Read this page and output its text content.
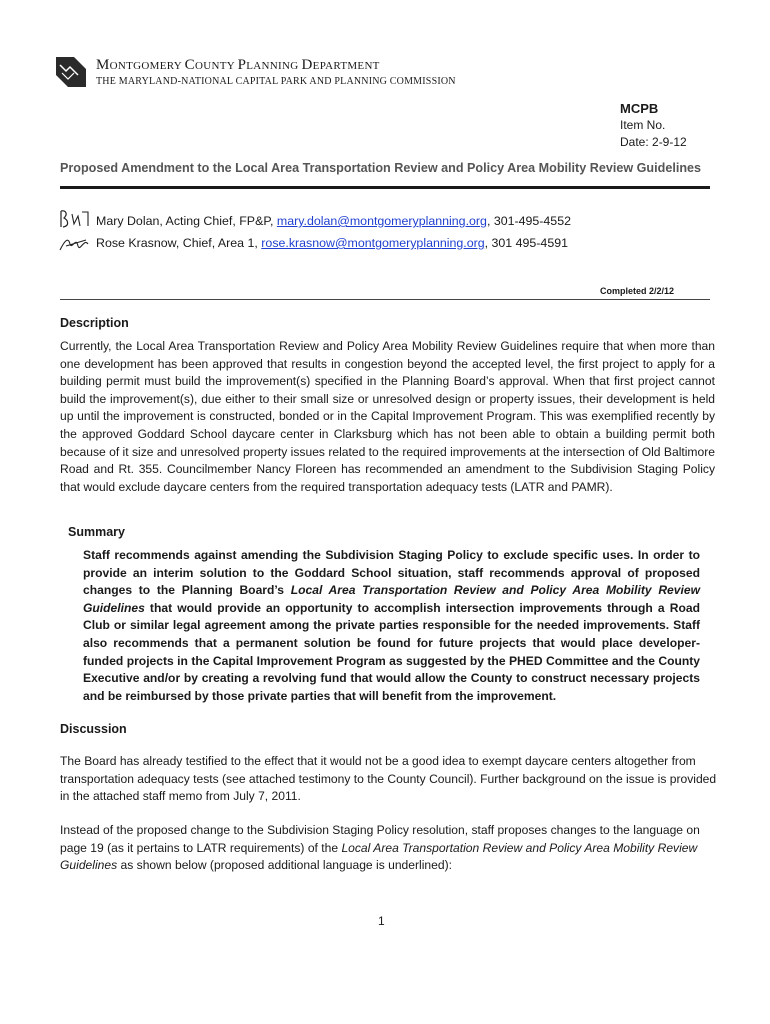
MONTGOMERY COUNTY PLANNING DEPARTMENT
THE MARYLAND-NATIONAL CAPITAL PARK AND PLANNING COMMISSION
MCPB
Item No.
Date: 2-9-12
Proposed Amendment to the Local Area Transportation Review and Policy Area Mobility Review Guidelines
Mary Dolan, Acting Chief, FP&P, mary.dolan@montgomeryplanning.org, 301-495-4552
Rose Krasnow, Chief, Area 1, rose.krasnow@montgomeryplanning.org, 301 495-4591
Completed 2/2/12
Description
Currently, the Local Area Transportation Review and Policy Area Mobility Review Guidelines require that when more than one development has been approved that results in congestion beyond the accepted level, the first project to apply for a building permit must build the improvement(s) specified in the Planning Board’s approval. When that first project cannot build the improvement(s), due either to their small size or unresolved design or property issues, their development is held up until the improvement is constructed, bonded or in the Capital Improvement Program. This was exemplified recently by the approved Goddard School daycare center in Clarksburg which has not been able to obtain a building permit both because of it size and unresolved property issues related to the required improvements at the intersection of Old Baltimore Road and Rt. 355. Councilmember Nancy Floreen has recommended an amendment to the Subdivision Staging Policy that would exclude daycare centers from the required transportation adequacy tests (LATR and PAMR).
Summary
Staff recommends against amending the Subdivision Staging Policy to exclude specific uses. In order to provide an interim solution to the Goddard School situation, staff recommends approval of proposed changes to the Planning Board’s Local Area Transportation Review and Policy Area Mobility Review Guidelines that would provide an opportunity to accomplish intersection improvements through a Road Club or similar legal agreement among the private parties responsible for the needed improvements. Staff also recommends that a permanent solution be found for future projects that would place developer-funded projects in the Capital Improvement Program as suggested by the PHED Committee and the County Executive and/or by creating a revolving fund that would allow the County to construct necessary projects and be reimbursed by those private parties that will benefit from the improvement.
Discussion
The Board has already testified to the effect that it would not be a good idea to exempt daycare centers altogether from transportation adequacy tests (see attached testimony to the County Council). Further background on the issue is provided in the attached staff memo from July 7, 2011.
Instead of the proposed change to the Subdivision Staging Policy resolution, staff proposes changes to the language on page 19 (as it pertains to LATR requirements) of the Local Area Transportation Review and Policy Area Mobility Review Guidelines as shown below (proposed additional language is underlined):
1
